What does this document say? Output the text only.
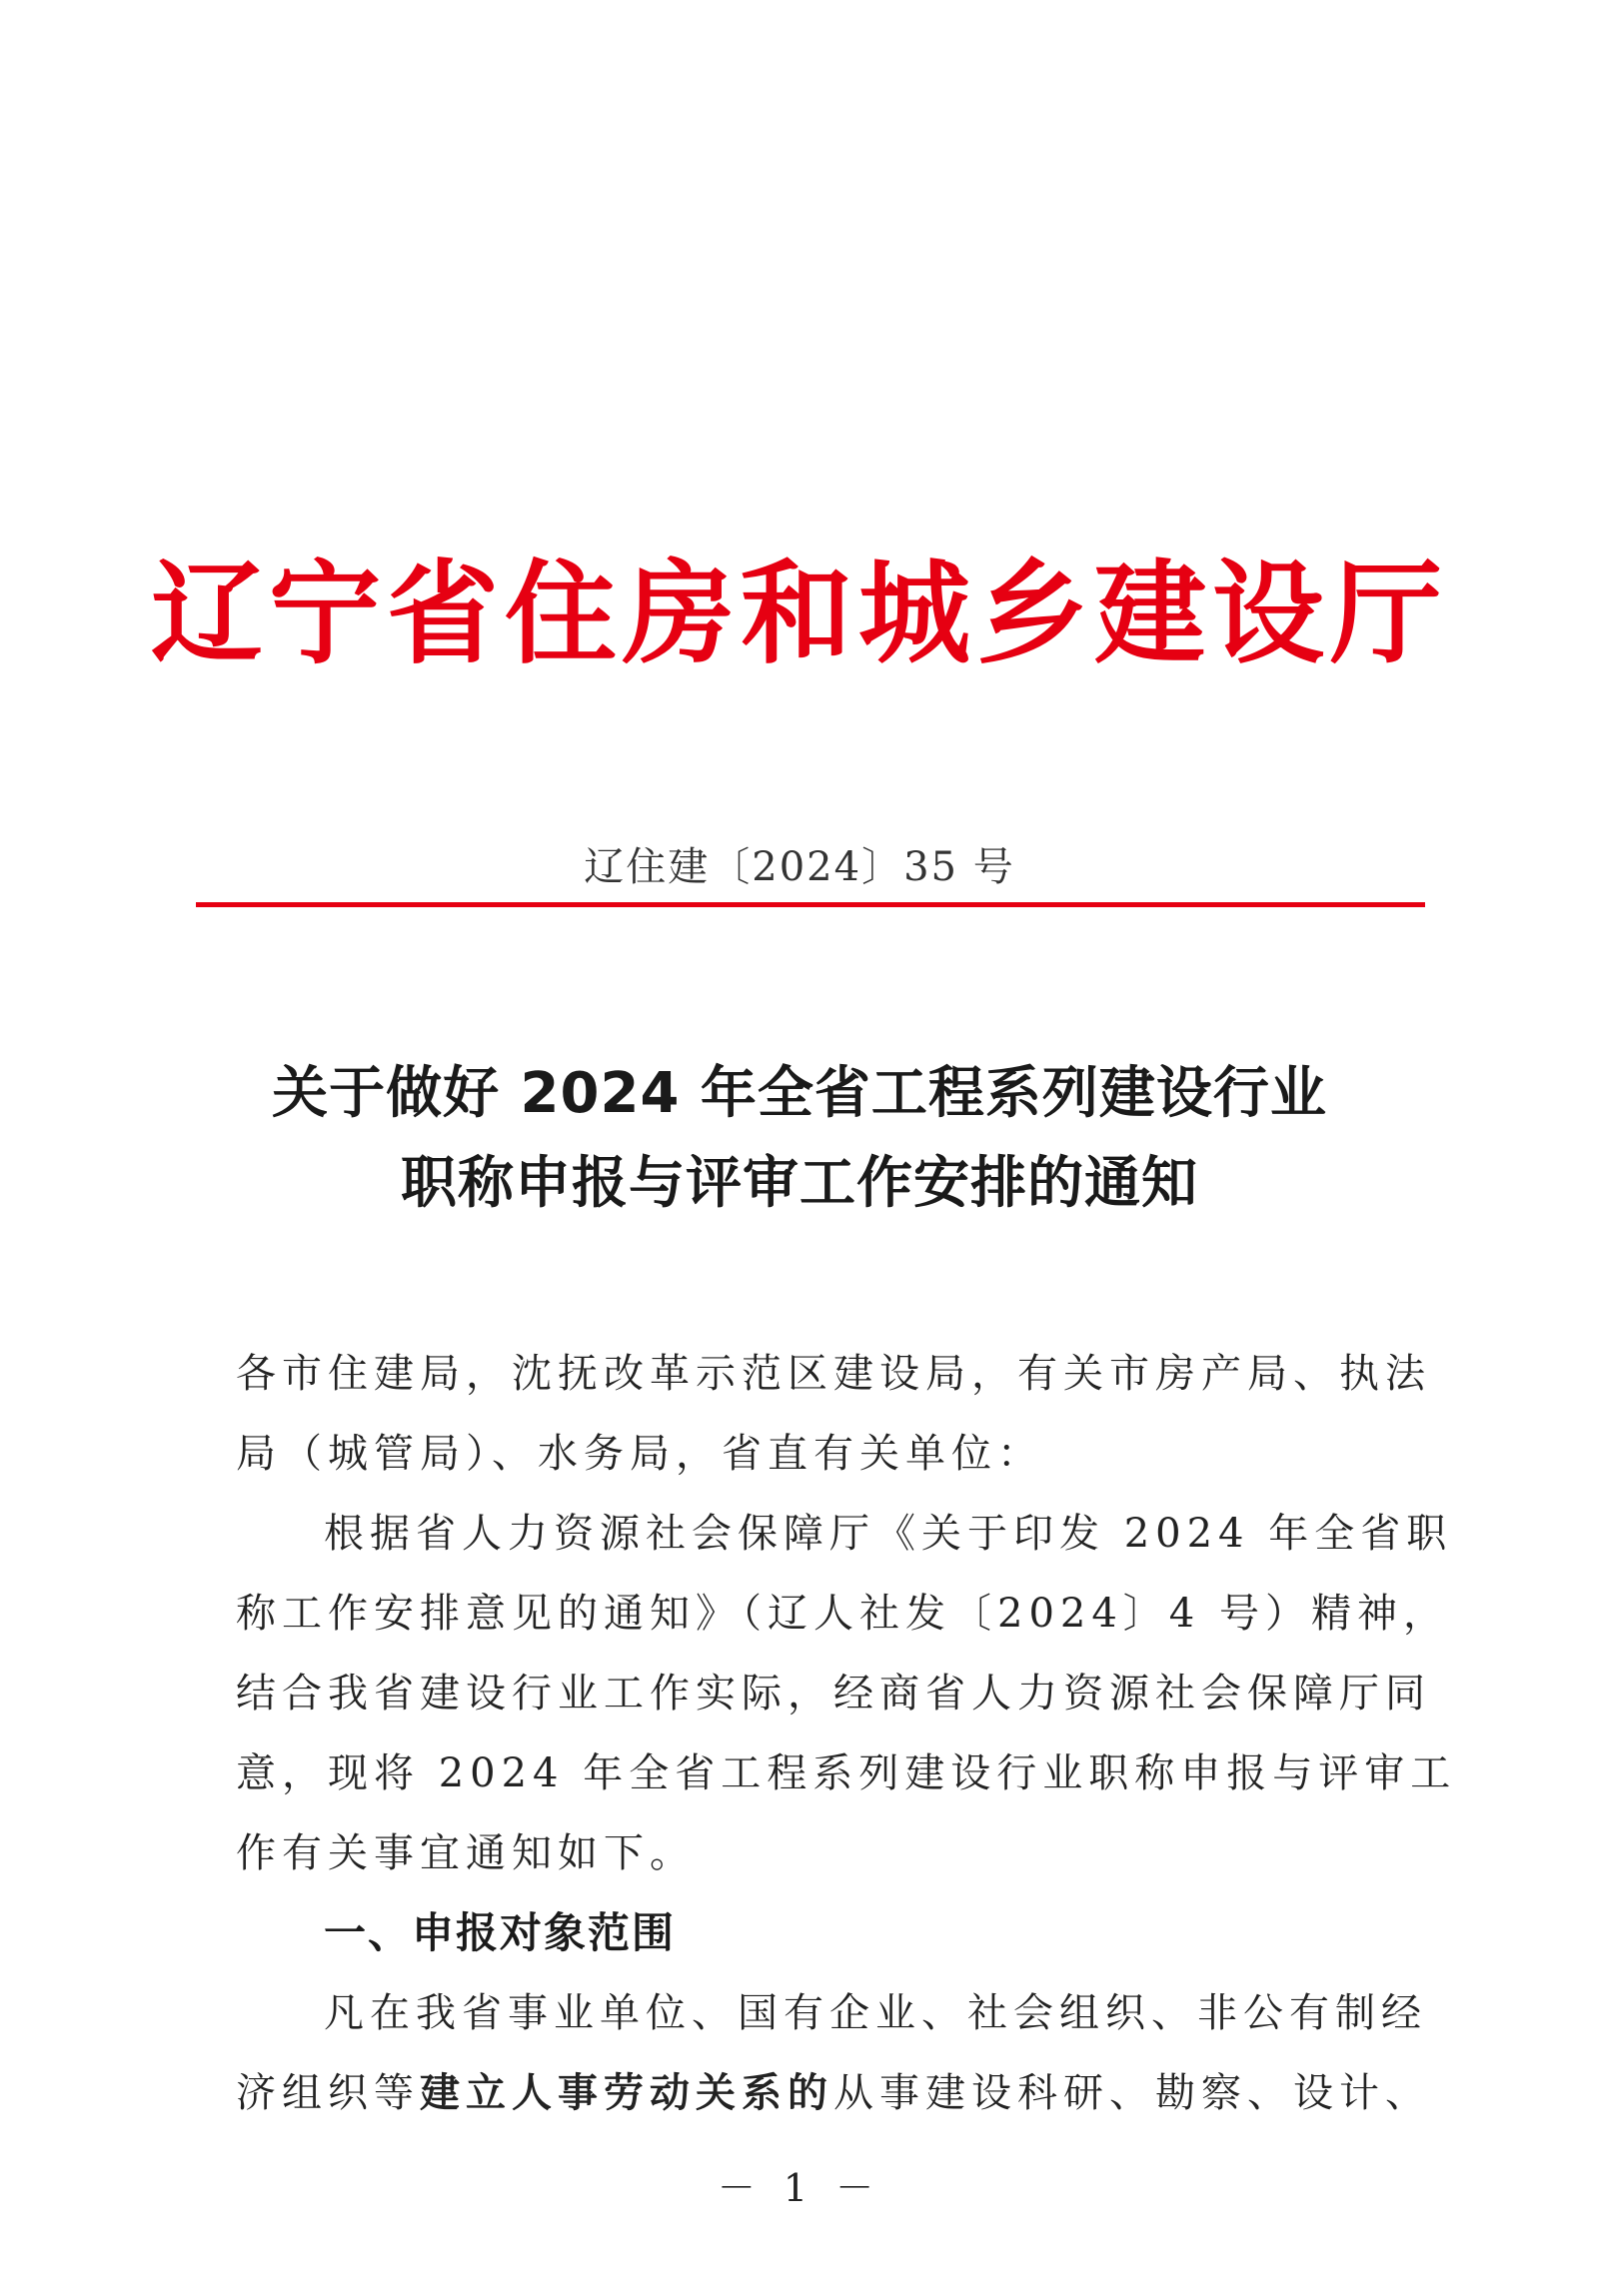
辽宁省住房和城乡建设厅
辽住建〔2024〕35 号
关于做好 2024 年全省工程系列建设行业
职称申报与评审工作安排的通知
各市住建局，沈抚改革示范区建设局，有关市房产局、执法
局（城管局）、水务局，省直有关单位：
根据省人力资源社会保障厅《关于印发 2024 年全省职
称工作安排意见的通知》（辽人社发〔2024〕4 号）精神，
结合我省建设行业工作实际，经商省人力资源社会保障厅同
意，现将 2024 年全省工程系列建设行业职称申报与评审工
作有关事宜通知如下。
一、申报对象范围
凡在我省事业单位、国有企业、社会组织、非公有制经
济组织等建立人事劳动关系的从事建设科研、勘察、设计、
－ 1 －
